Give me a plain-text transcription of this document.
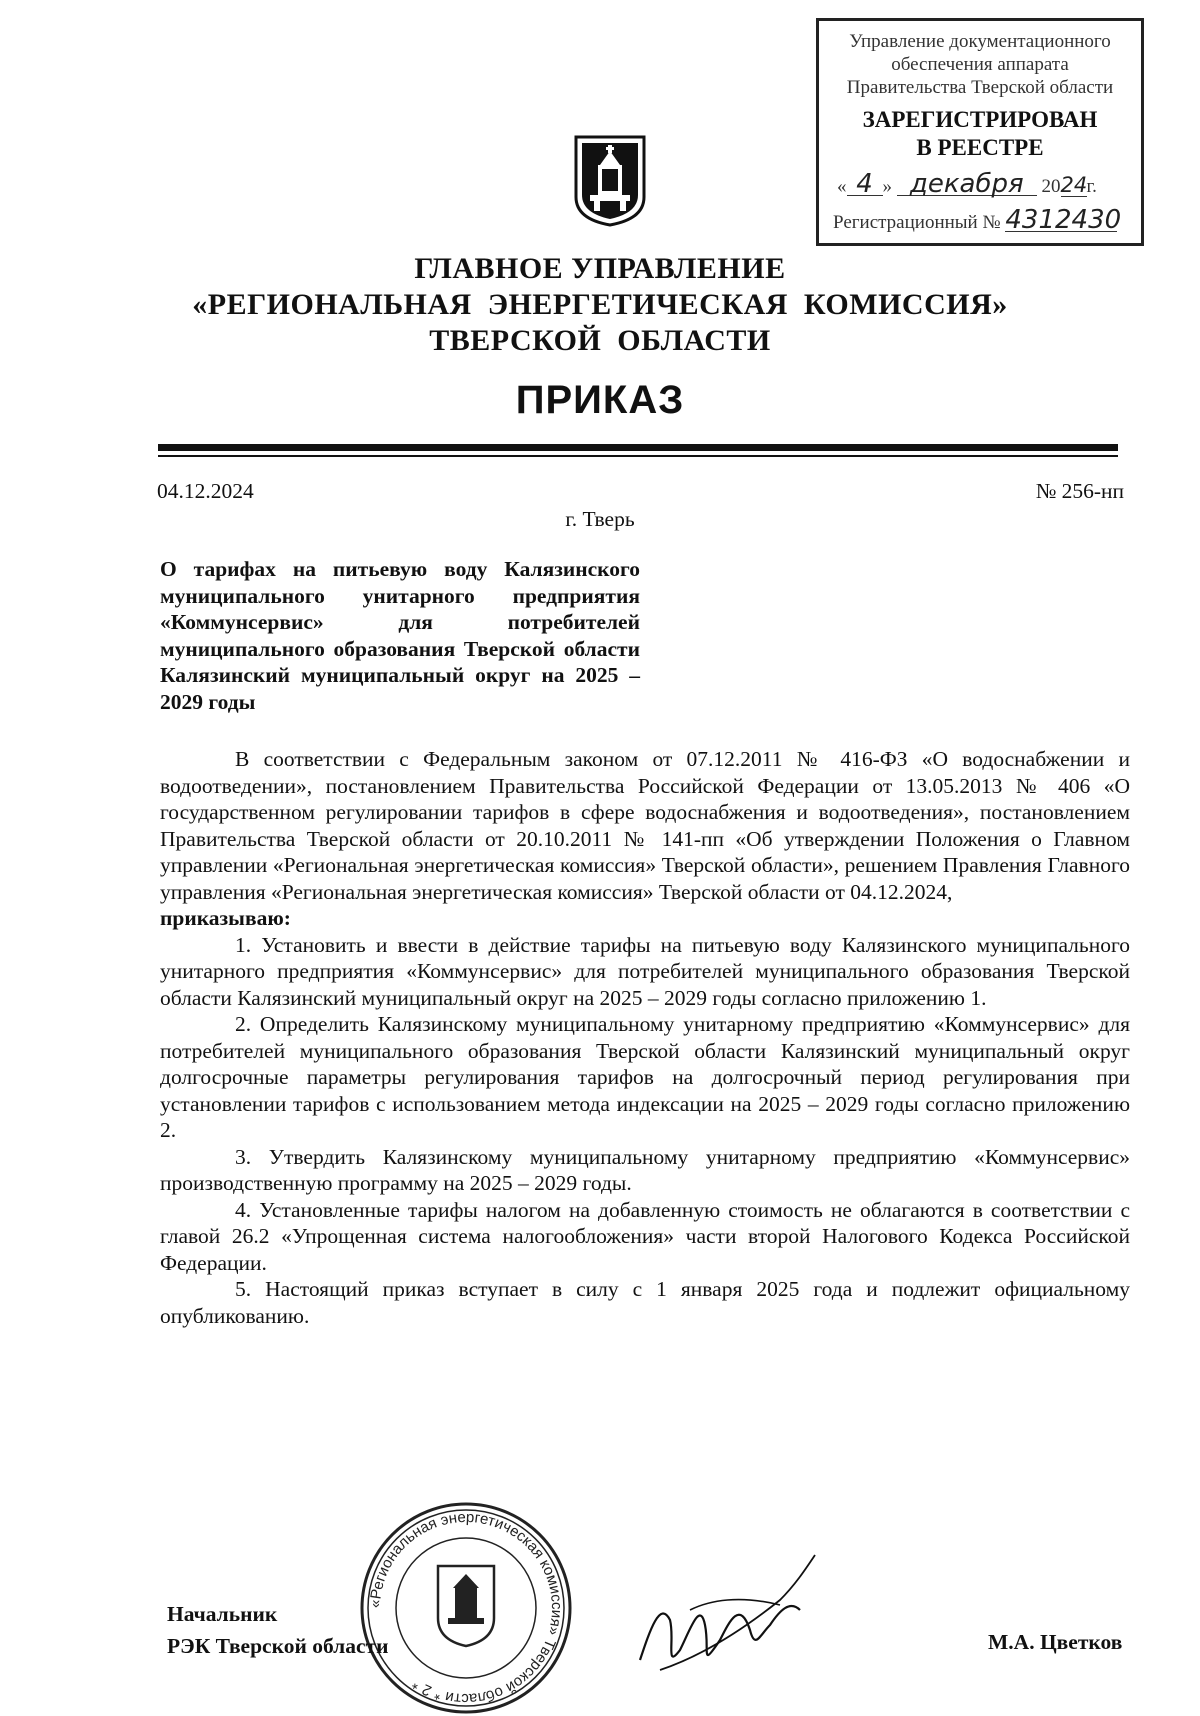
Управление документационного
обеспечения аппарата
Правительства Тверской области
ЗАРЕГИСТРИРОВАН
В РЕЕСТРЕ
« 4 » декабря 2024г.
Регистрационный № 4312430
ГЛАВНОЕ УПРАВЛЕНИЕ
«РЕГИОНАЛЬНАЯ  ЭНЕРГЕТИЧЕСКАЯ  КОМИССИЯ»
ТВЕРСКОЙ  ОБЛАСТИ
ПРИКАЗ
04.12.2024	№ 256-нп
г. Тверь
О тарифах на питьевую воду Калязинского муниципального унитарного предприятия «Коммунсервис» для потребителей муниципального образования Тверской области Калязинский муниципальный округ на 2025 – 2029 годы

В соответствии с Федеральным законом от 07.12.2011 № 416-ФЗ «О водоснабжении и водоотведении», постановлением Правительства Российской Федерации от 13.05.2013 № 406 «О государственном регулировании тарифов в сфере водоснабжения и водоотведения», постановлением Правительства Тверской области от 20.10.2011 № 141-пп «Об утверждении Положения о Главном управлении «Региональная энергетическая комиссия» Тверской области», решением Правления Главного управления «Региональная энергетическая комиссия» Тверской области от 04.12.2024,

приказываю:

1. Установить и ввести в действие тарифы на питьевую воду Калязинского муниципального унитарного предприятия «Коммунсервис» для потребителей муниципального образования Тверской области Калязинский муниципальный округ на 2025 – 2029 годы согласно приложению 1.

2. Определить Калязинскому муниципальному унитарному предприятию «Коммунсервис» для потребителей муниципального образования Тверской области Калязинский муниципальный округ долгосрочные параметры регулирования тарифов на долгосрочный период регулирования при установлении тарифов с использованием метода индексации на 2025 – 2029 годы согласно приложению 2.

3. Утвердить Калязинскому муниципальному унитарному предприятию «Коммунсервис» производственную программу на 2025 – 2029 годы.

4. Установленные тарифы налогом на добавленную стоимость не облагаются в соответствии с главой 26.2 «Упрощенная система налогообложения» части второй Налогового Кодекса Российской Федерации.

5. Настоящий приказ вступает в силу с 1 января 2025 года и подлежит официальному опубликованию.

«Региональная энергетическая комиссия» Тверской области * 2 *
Начальник
РЭК Тверской области	М.А. Цветков
